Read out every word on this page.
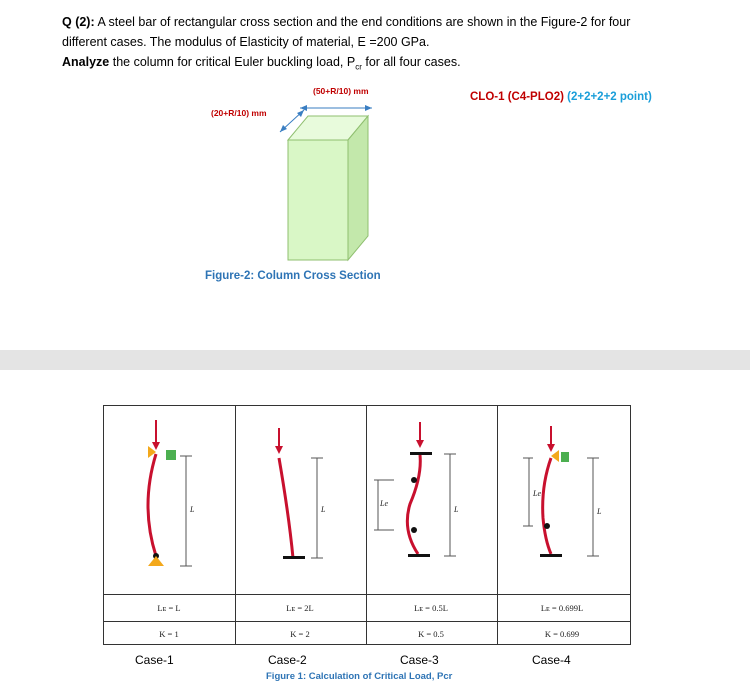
Q (2): A steel bar of rectangular cross section and the end conditions are shown in the Figure-2 for four
different cases. The modulus of Elasticity of material, E =200 GPa.
Analyze the column for critical Euler buckling load, $P_{cr}$ for all four cases.
CLO-1 (C4-PLO2) (2+2+2+2 point)
(50+R/10) mm
(20+R/10) mm
Figure-2: Column Cross Section
L	L
Le
L
Le
L
Lᴇ = L	Lᴇ = 2L	Lᴇ = 0.5L	Lᴇ = 0.699L
K = 1	K = 2	K = 0.5	K = 0.699
Case-1	Case-2	Case-3	Case-4
Figure 1: Calculation of Critical Load, Pcr
